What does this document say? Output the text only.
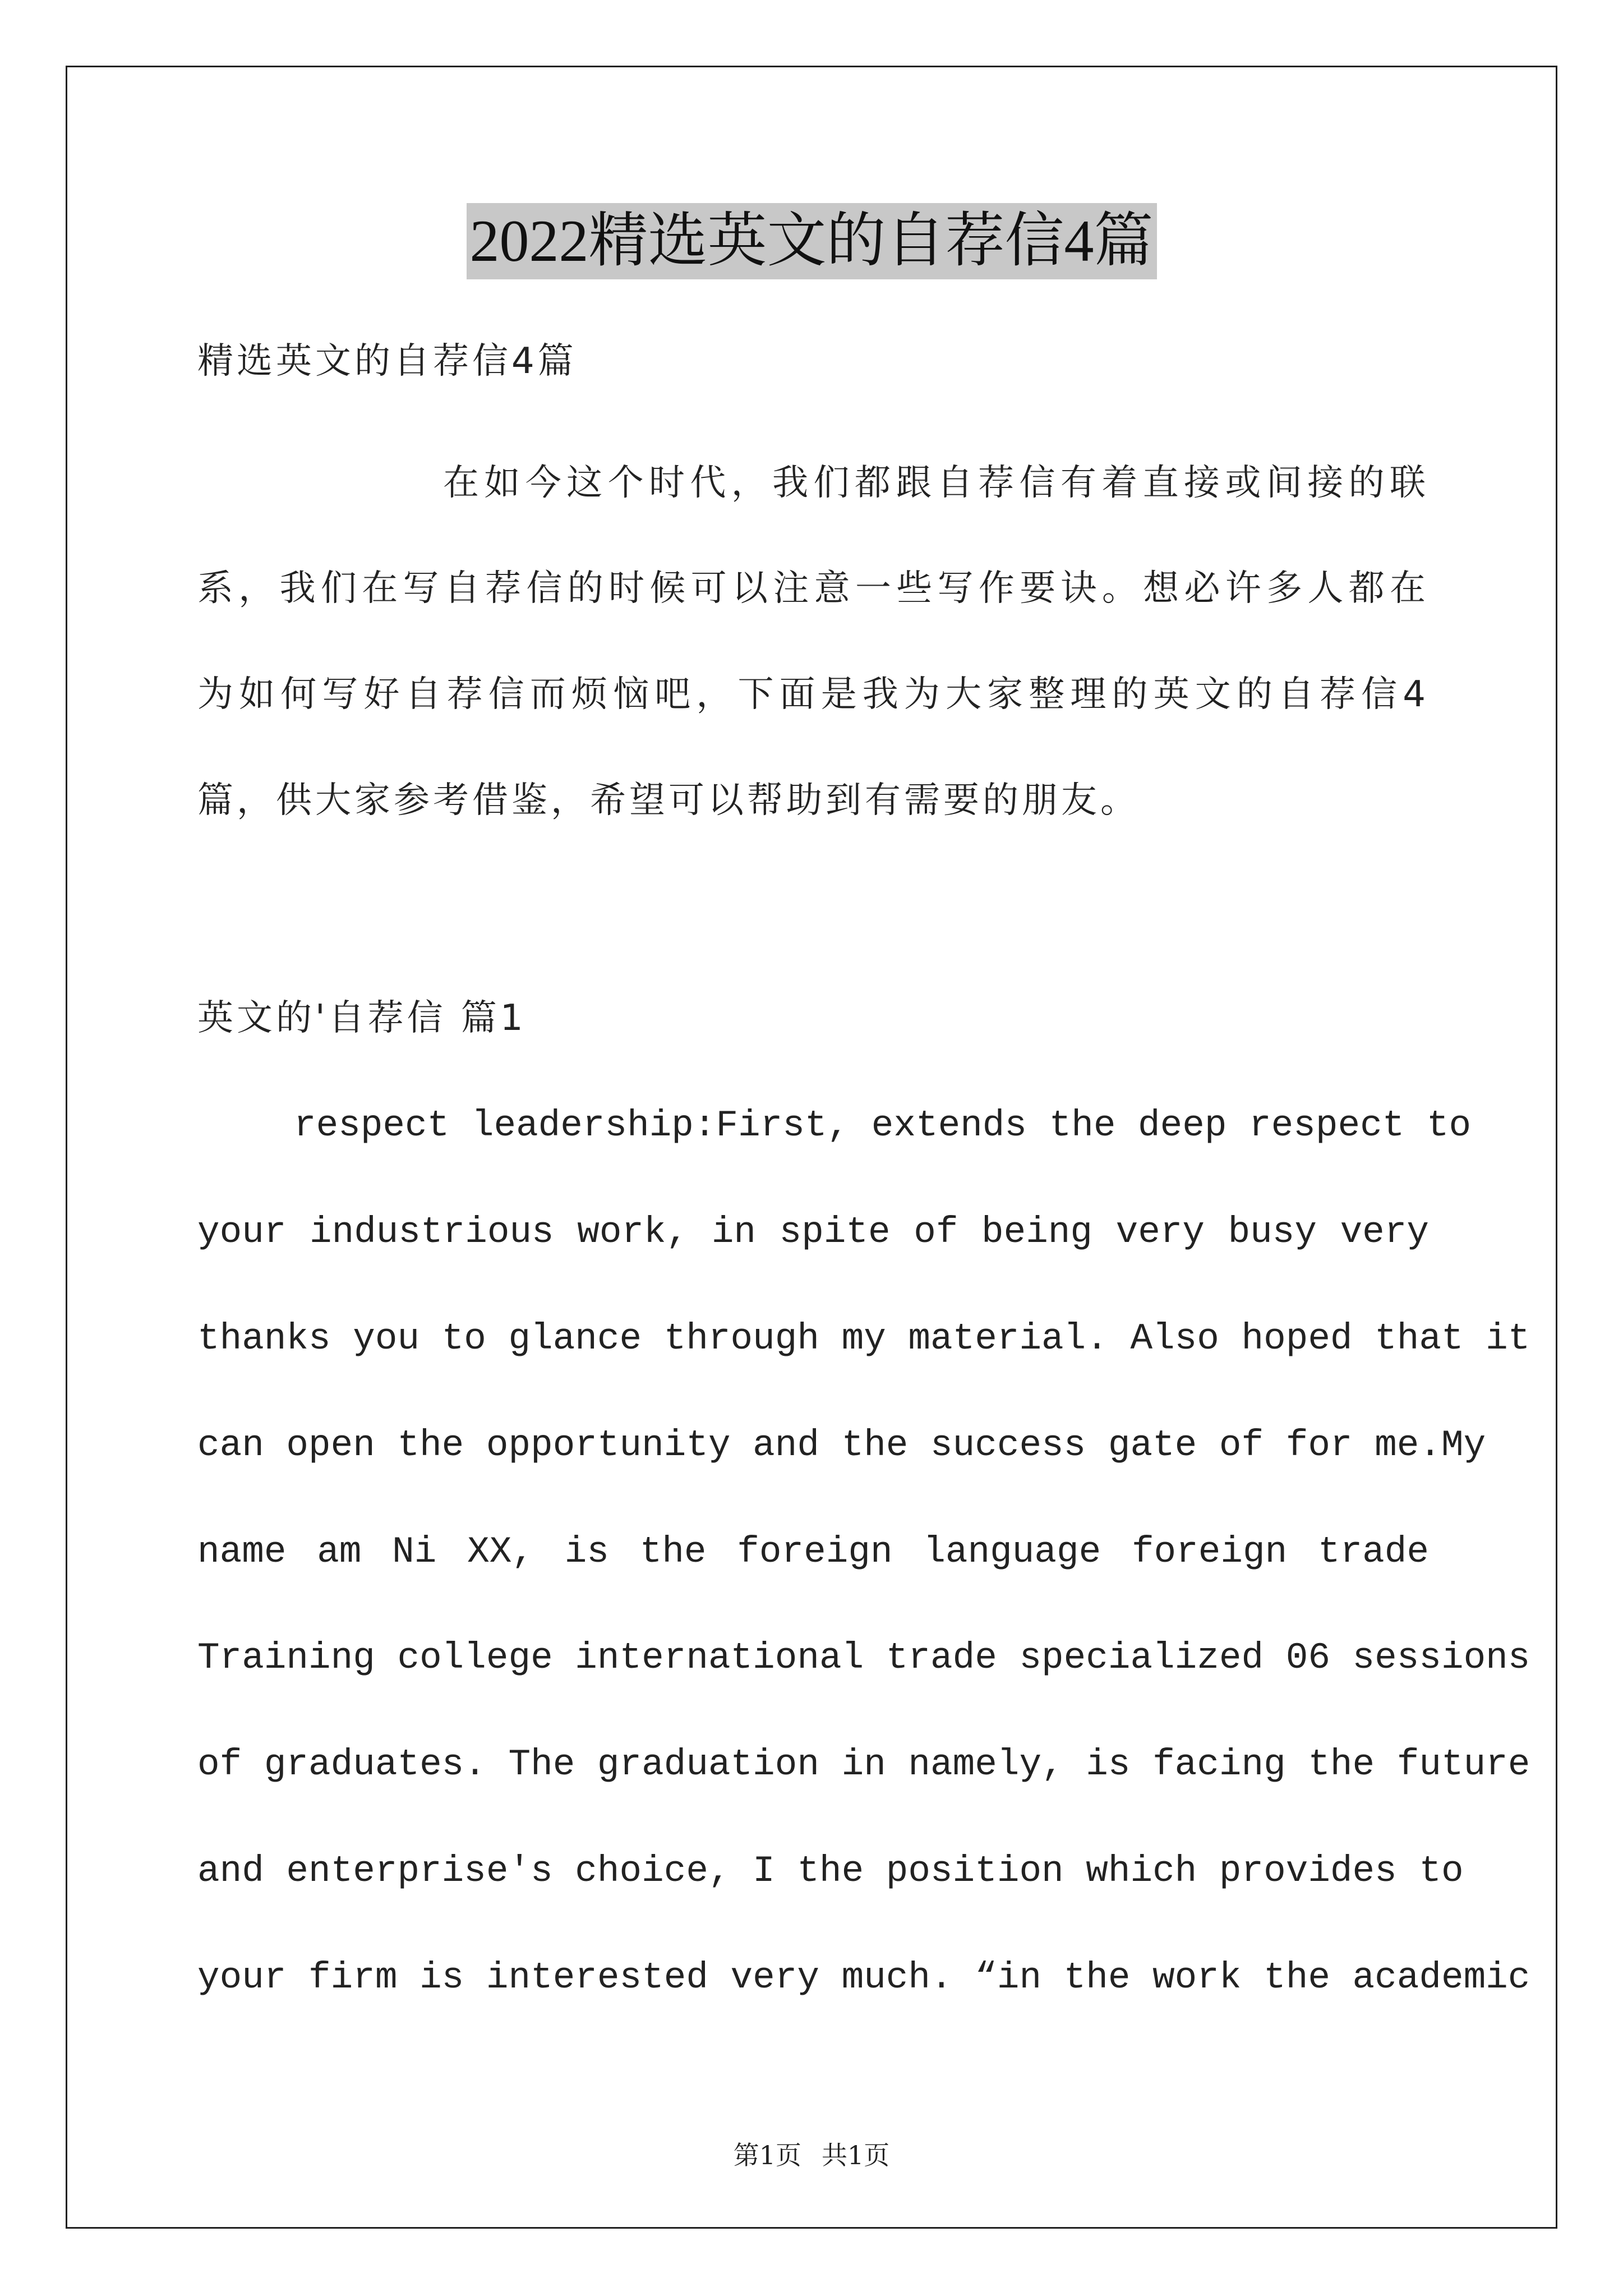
2022精选英文的自荐信4篇
精选英文的自荐信4篇
在如今这个时代，我们都跟自荐信有着直接或间接的联
系，我们在写自荐信的时候可以注意一些写作要诀。想必许多人都在
为如何写好自荐信而烦恼吧，下面是我为大家整理的英文的自荐信4
篇，供大家参考借鉴，希望可以帮助到有需要的朋友。
英文的'自荐信 篇1
respect leadership:First, extends the deep respect to
your industrious work, in spite of being very busy very
thanks you to glance through my material. Also hoped that it
can open the opportunity and the success gate of for me.My
name am Ni XX, is the foreign language foreign trade
Training college international trade specialized 06 sessions
of graduates. The graduation in namely, is facing the future
and enterprise's choice, I the position which provides to
your firm is interested very much. “in the work the academic
第1页 共1页
